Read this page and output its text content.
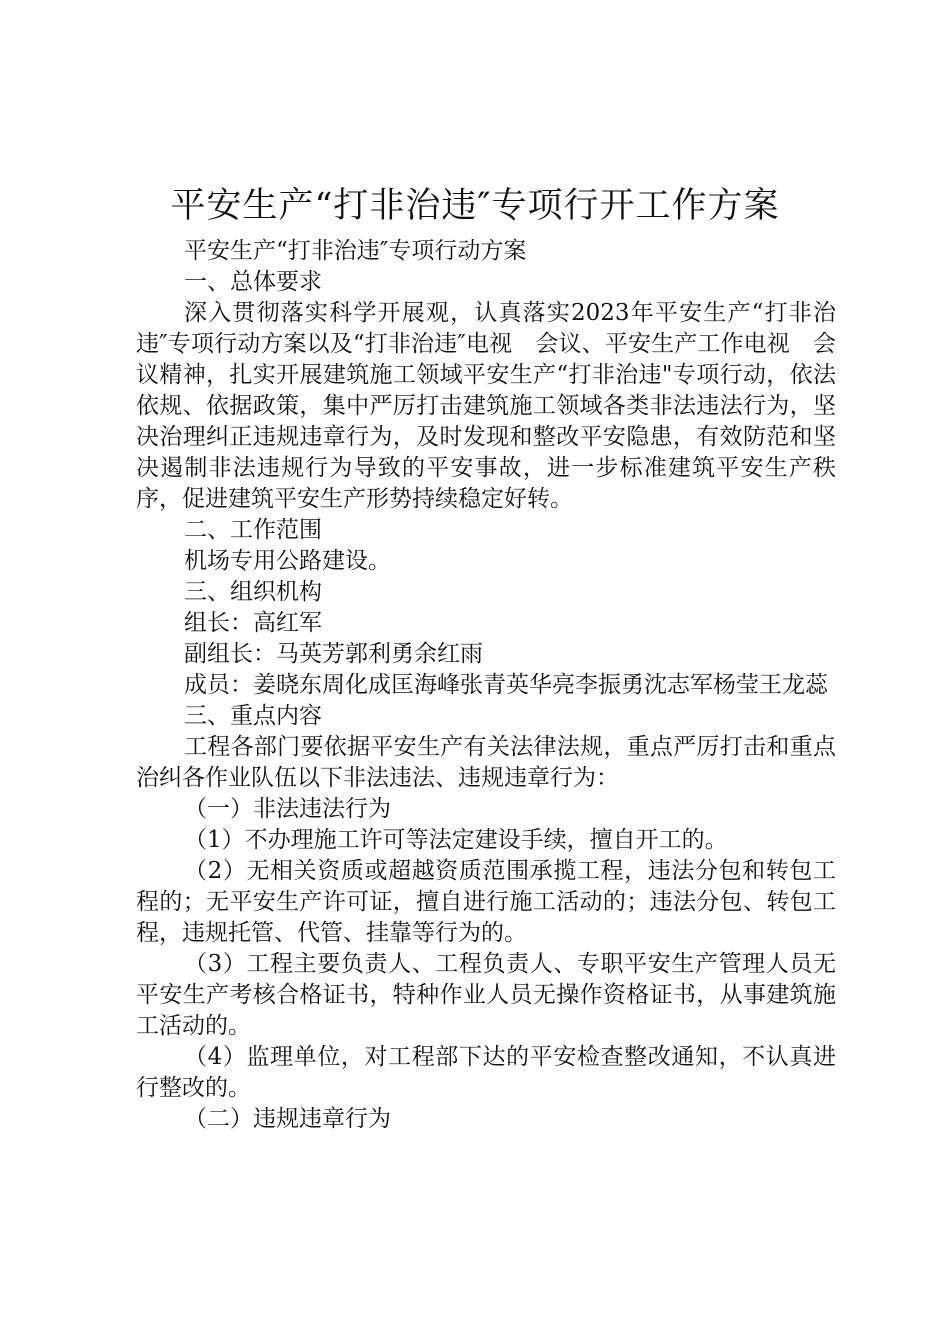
平安生产“打非治违″专项行开工作方案

平安生产“打非治违″专项行动方案

一、总体要求

深入贯彻落实科学开展观，认真落实2023年平安生产“打非治违″专项行动方案以及“打非治违″电视　会议、平安生产工作电视　会议精神，扎实开展建筑施工领域平安生产“打非治违"专项行动，依法依规、依据政策，集中严厉打击建筑施工领域各类非法违法行为，坚决治理纠正违规违章行为，及时发现和整改平安隐患，有效防范和坚决遏制非法违规行为导致的平安事故，进一步标准建筑平安生产秩序，促进建筑平安生产形势持续稳定好转。

二、工作范围

机场专用公路建设。

三、组织机构

组长：高红军

副组长：马英芳郭利勇余红雨

成员：姜晓东周化成匡海峰张青英华亮李振勇沈志军杨莹王龙蕊

三、重点内容

工程各部门要依据平安生产有关法律法规，重点严厉打击和重点治纠各作业队伍以下非法违法、违规违章行为：

（一）非法违法行为

（1）不办理施工许可等法定建设手续，擅自开工的。

（2）无相关资质或超越资质范围承揽工程，违法分包和转包工程的；无平安生产许可证，擅自进行施工活动的；违法分包、转包工程，违规托管、代管、挂靠等行为的。

（3）工程主要负责人、工程负责人、专职平安生产管理人员无平安生产考核合格证书，特种作业人员无操作资格证书，从事建筑施工活动的。

（4）监理单位，对工程部下达的平安检查整改通知，不认真进行整改的。

（二）违规违章行为
